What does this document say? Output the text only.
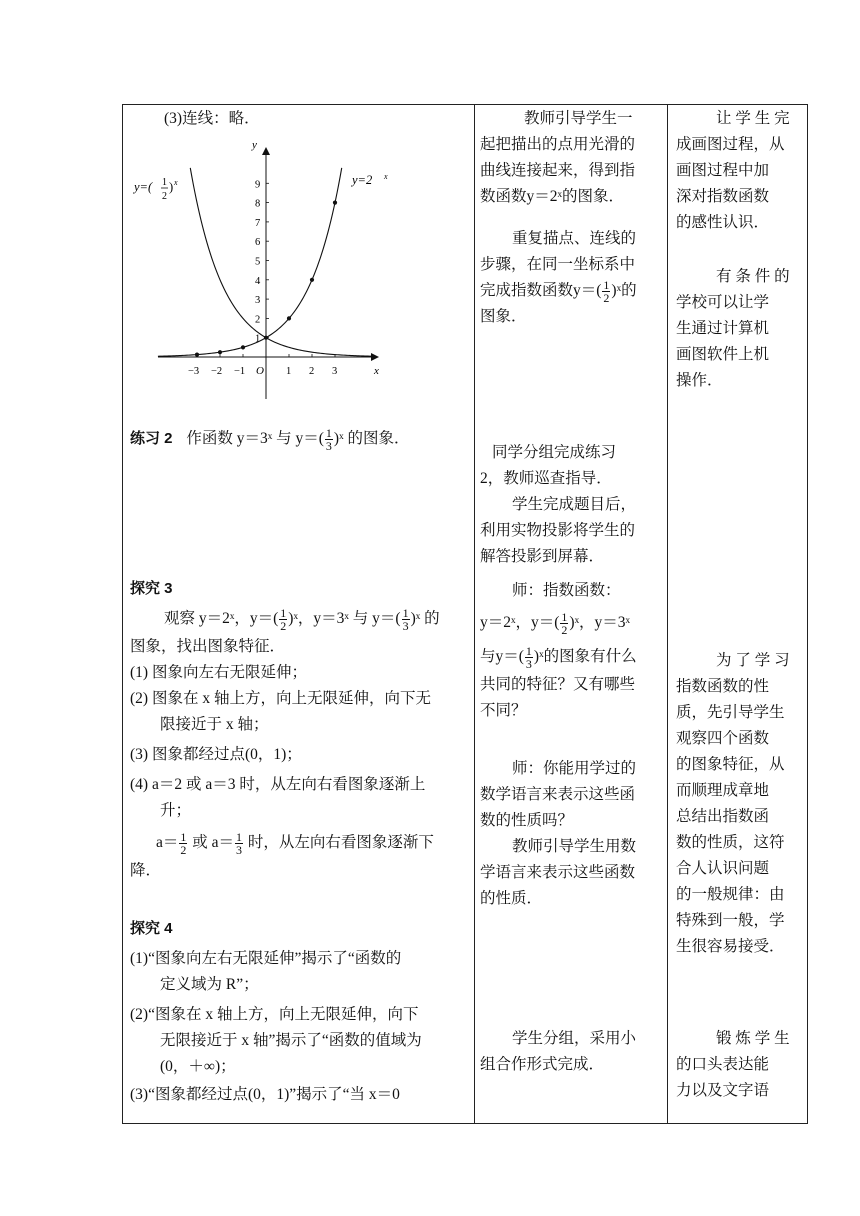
(3)连线：略．

y
x
O
1
2
3
4
5
6
7
8
9
−3 −2 −1	1 2 3
y=( 1
2
) x	y=2 x

教师引导学生一

起把描出的点用光滑的

曲线连接起来，得到指

数函数y＝2ˣ的图象．

重复描点、连线的

步骤，在同一坐标系中

完成指数函数$y=( \frac{1}{2}$ )ˣ的

图象．

让 学 生 完

成画图过程，从

画图过程中加

深对指数函数

的感性认识．

有 条 件 的

学校可以让学

生通过计算机

画图软件上机

操作．

练习 2 作函数 y＝3ˣ 与 $y=( \frac{1}{3}$ )ˣ 的图象．

同学分组完成练习

2，教师巡查指导．

学生完成题目后，

利用实物投影将学生的

解答投影到屏幕．

探究 3

观察 y＝2ˣ，$y=( \frac{1}{2}$ )ˣ，y＝3ˣ 与 $y=( \frac{1}{3}$ )ˣ 的

图象，找出图象特征．

(1) 图象向左右无限延伸；

(2) 图象在 x 轴上方，向上无限延伸，向下无

限接近于 x 轴；

(3) 图象都经过点(0，1)；

(4) a＝2 或 a＝3 时，从左向右看图象逐渐上

升；

$a= \frac{1}{2}$ 或 $a= \frac{1}{3}$ 时，从左向右看图象逐渐下

降．

师：指数函数：

y＝2ˣ，$y=( \frac{1}{2}$ )ˣ，y＝3ˣ

与$y=( \frac{1}{3}$ )ˣ的图象有什么

共同的特征？又有哪些

不同？

师：你能用学过的

数学语言来表示这些函

数的性质吗？

教师引导学生用数

学语言来表示这些函数

的性质．

为 了 学 习

指数函数的性

质，先引导学生

观察四个函数

的图象特征，从

而顺理成章地

总结出指数函

数的性质，这符

合人认识问题

的一般规律：由

特殊到一般，学

生很容易接受．

探究 4

(1)“图象向左右无限延伸”揭示了“函数的

定义域为 R”；

(2)“图象在 x 轴上方，向上无限延伸，向下

无限接近于 x 轴”揭示了“函数的值域为

(0，＋∞)；

(3)“图象都经过点(0，1)”揭示了“当 x＝0

学生分组，采用小

组合作形式完成．

锻 炼 学 生

的口头表达能

力以及文字语
